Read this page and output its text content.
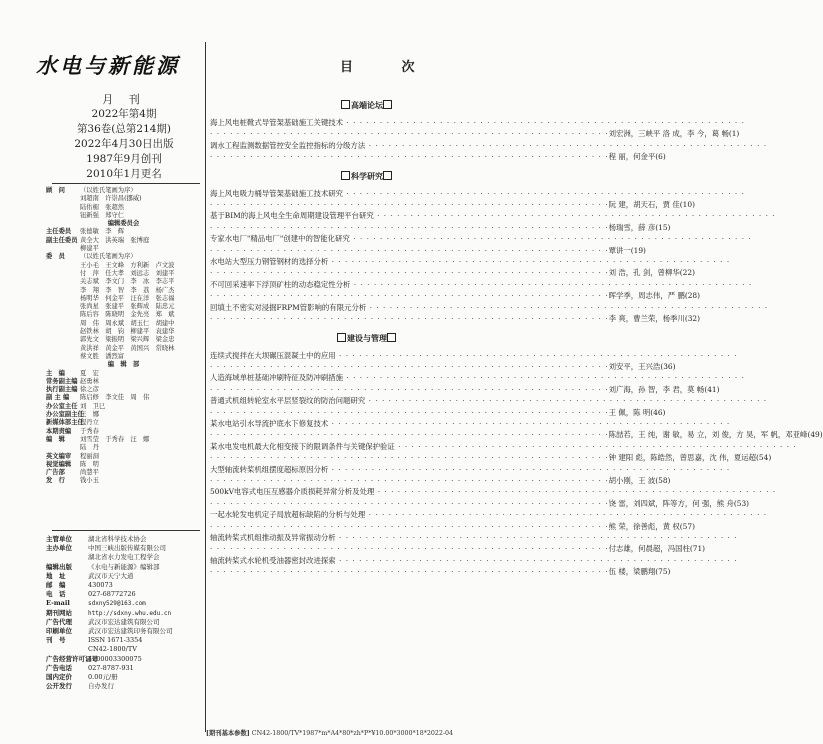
水电与新能源
月 刊
2022年第4期
第36卷(总第214期)
2022年4月30日出版
1987年9月创刊
2010年1月更名
顾　问	（以姓氏笔画为序）
刘超南　许崇昌(挪威)
陆佑楣　张超然
钮新强　郑守仁
编辑委员会
主任委员	张德敏　李　辉
副主任委员 黄全大　洪英瑞　张博庭
柳建平
委　员	（以姓氏笔画为序）
王小毛　王文峰　方利新　卢文波
付　萍　任大孝　刘远志　刘建平
关志斌　李文门　李　冰　李志平
李　翔　李　智　李　荔　杨广杰
杨明华　何金平　汪在洋　张志福
张尚星　张建平　张辉成　陆忠元
陈后容　陈晓明　金先亮　郑　斌
周　伟　周永斌　胡玉仁　胡建中
赵铁林　胡　钧　柳建平　袁建华
郭先文　梁振明　梁兴辉　梁金忠
黄洪祥　黄金平　黄国兴　常晓林
蔡文胜　潘烈富
编　辑　部
主　编	夏　宏
常务副主编 赵勇林
执行副主编 徐之彦
副 主 编	陈启修　李文佳　周　伟
办公室主任 刘　卫巳
办公室副主任
汪　娜
新媒体部主任
程丹立
本期责编	于秀春
编　辑	刘雪莹　于秀春　汪　娜
陆　丹
英文编审	程丽洞
视觉编辑	陈　明
广告部	尚慧平
发　行	钱小玉
主管单位	湖北省科学技术协会
主办单位	中国三峡出版传媒有限公司
湖北省水力发电工程学会
编辑出版	《水电与新能源》编辑部
地　址	武汉市天宁大道
邮　编	430073
电　话	027-68772726
E-mail	sdxny529@163.com
期刊网站	http://sdxny.whu.edu.cn
广告代理	武汉市宏达建筑有限公司
印刷单位	武汉市宏达建筑印务有限公司
刊　号	ISSN 1671-3354
CN42-1800/TV
广告经营许可证号
4200003300075
广告电话	027-8787-931
国内定价	0.00元/册
公开发行	自办发行
目 次
高端论坛
海上风电桩靴式导管架基础施工关键技术 · · · · · · · · · · · · · · · · · · · · · · · · · · · · · · · · · · · · · · · · · · · · · · · · · · · · · · · · · · · ·
· · · · · · · · · · · · · · · · · · · · · · · · · · · · · · · · · · · · · · · · · · · · · · · · · · · · · · · · · · · · 刘宏洲，三峡平 洛 成，李 今，葛 畅(1)
调水工程监测数据管控安全监控指标的分级方法 · · · · · · · · · · · · · · · · · · · · · · · · · · · · · · · · · · · · · · · · · · · · · · · · · · · · · · · · · · · ·
· · · · · · · · · · · · · · · · · · · · · · · · · · · · · · · · · · · · · · · · · · · · · · · · · · · · · · · · · · · · 程 丽，何金平(6)
科学研究
海上风电吸力桶导管架基础施工技术研究 · · · · · · · · · · · · · · · · · · · · · · · · · · · · · · · · · · · · · · · · · · · · · · · · · · · · · · · · · · · ·
· · · · · · · · · · · · · · · · · · · · · · · · · · · · · · · · · · · · · · · · · · · · · · · · · · · · · · · · · · · · 阮 建，胡天石，贾 佳(10)
基于BIM的海上风电全生命周期建设管理平台研究 · · · · · · · · · · · · · · · · · · · · · · · · · · · · · · · · · · · · · · · · · · · · · · · · · · · · · · · · · · · ·
· · · · · · · · · · · · · · · · · · · · · · · · · · · · · · · · · · · · · · · · · · · · · · · · · · · · · · · · · · · · 杨瑞雪，薛 彦(15)
专家水电厂"精品电厂"创建中的智能化研究 · · · · · · · · · · · · · · · · · · · · · · · · · · · · · · · · · · · · · · · · · · · · · · · · · · · · · · · · · · · ·
· · · · · · · · · · · · · · · · · · · · · · · · · · · · · · · · · · · · · · · · · · · · · · · · · · · · · · · · · · · · 覃讲一(19)
水电站大型压力钢管钢材的选择分析 · · · · · · · · · · · · · · · · · · · · · · · · · · · · · · · · · · · · · · · · · · · · · · · · · · · · · · · · · · · ·
· · · · · · · · · · · · · · · · · · · · · · · · · · · · · · · · · · · · · · · · · · · · · · · · · · · · · · · · · · · · 刘 浩，孔 剑，曾柳华(22)
不可回采速率下浮顶矿柱的动态稳定性分析 · · · · · · · · · · · · · · · · · · · · · · · · · · · · · · · · · · · · · · · · · · · · · · · · · · · · · · · · · · · ·
· · · · · · · · · · · · · · · · · · · · · · · · · · · · · · · · · · · · · · · · · · · · · · · · · · · · · · · · · · · · 晖学季，周志伟，严 鹏(28)
回填土不密实对浸掘FRPM管影响的有限元分析 · · · · · · · · · · · · · · · · · · · · · · · · · · · · · · · · · · · · · · · · · · · · · · · · · · · · · · · · · · · ·
· · · · · · · · · · · · · · · · · · · · · · · · · · · · · · · · · · · · · · · · · · · · · · · · · · · · · · · · · · · · 李 爽，曹兰荣，杨季川(32)
建设与管理
连续式搅拌在大坝碾压混凝土中的应用 · · · · · · · · · · · · · · · · · · · · · · · · · · · · · · · · · · · · · · · · · · · · · · · · · · · · · · · · · · · ·
· · · · · · · · · · · · · · · · · · · · · · · · · · · · · · · · · · · · · · · · · · · · · · · · · · · · · · · · · · · · 刘安平，王兴浩(36)
人造海域单桩基础冲刷特征及防冲刷措施 · · · · · · · · · · · · · · · · · · · · · · · · · · · · · · · · · · · · · · · · · · · · · · · · · · · · · · · · · · · ·
· · · · · · · · · · · · · · · · · · · · · · · · · · · · · · · · · · · · · · · · · · · · · · · · · · · · · · · · · · · · 刘广海，孙 智，李 君，莫 畅(41)
普通式机组转轮室水平层竖裂纹的防治问题研究 · · · · · · · · · · · · · · · · · · · · · · · · · · · · · · · · · · · · · · · · · · · · · · · · · · · · · · · · · · · ·
· · · · · · · · · · · · · · · · · · · · · · · · · · · · · · · · · · · · · · · · · · · · · · · · · · · · · · · · · · · · 王 佩，陈 明(46)
某水电站引水导流护底水下修复技术 · · · · · · · · · · · · · · · · · · · · · · · · · · · · · · · · · · · · · · · · · · · · · · · · · · · · · · · · · · · ·
· · · · · · · · · · · · · · · · · · · · · · · · · · · · · · · · · · · · · · · · · · · · · · · · · · · · · · · · · · · · 陈喆若，王 纯，谢 敏，易 立，刘 俊，方 昊，军 帆，邓亚峰(49)
某水电发电机最大化相变接下的限调条件与关键保护验证 · · · · · · · · · · · · · · · · · · · · · · · · · · · · · · · · · · · · · · · · · · · · · · · · · · · · · · · · · · · ·
· · · · · · · · · · · · · · · · · · · · · · · · · · · · · · · · · · · · · · · · · · · · · · · · · · · · · · · · · · · · 钟 建阳 彪，陈皓然，曾思嘉，沈 伟，夏运超(54)
大型轴流转桨机组摆度超标原因分析 · · · · · · · · · · · · · · · · · · · · · · · · · · · · · · · · · · · · · · · · · · · · · · · · · · · · · · · · · · · ·
· · · · · · · · · · · · · · · · · · · · · · · · · · · · · · · · · · · · · · · · · · · · · · · · · · · · · · · · · · · · 胡小刚，王 波(58)
500kV电容式电压互感器介质损耗异常分析及处理 · · · · · · · · · · · · · · · · · · · · · · · · · · · · · · · · · · · · · · · · · · · · · · · · · · · · · · · · · · · ·
· · · · · · · · · · · · · · · · · · · · · · · · · · · · · · · · · · · · · · · · · · · · · · · · · · · · · · · · · · · · 饶 雷，刘四斌，阵等方，何 强，熊 舟(53)
一起水轮发电机定子局放超标缺陷的分析与处理 · · · · · · · · · · · · · · · · · · · · · · · · · · · · · · · · · · · · · · · · · · · · · · · · · · · · · · · · · · · ·
· · · · · · · · · · · · · · · · · · · · · · · · · · · · · · · · · · · · · · · · · · · · · · · · · · · · · · · · · · · · 熊 荣，徐善彪，黄 权(57)
轴流转桨式机组推动振及异常振动分析 · · · · · · · · · · · · · · · · · · · · · · · · · · · · · · · · · · · · · · · · · · · · · · · · · · · · · · · · · · · ·
· · · · · · · · · · · · · · · · · · · · · · · · · · · · · · · · · · · · · · · · · · · · · · · · · · · · · · · · · · · · 付志雄，何晨超，冯国柱(71)
轴流转桨式水轮机受油器密封改进探索 · · · · · · · · · · · · · · · · · · · · · · · · · · · · · · · · · · · · · · · · · · · · · · · · · · · · · · · · · · · ·
· · · · · · · · · · · · · · · · · · · · · · · · · · · · · · · · · · · · · · · · · · · · · · · · · · · · · · · · · · · · 伍 楼，梁鹏翔(75)
[期刊基本参数] CN42-1800/TV*1987*m*A4*80*zh*P*¥10.00*3000*18*2022-04
